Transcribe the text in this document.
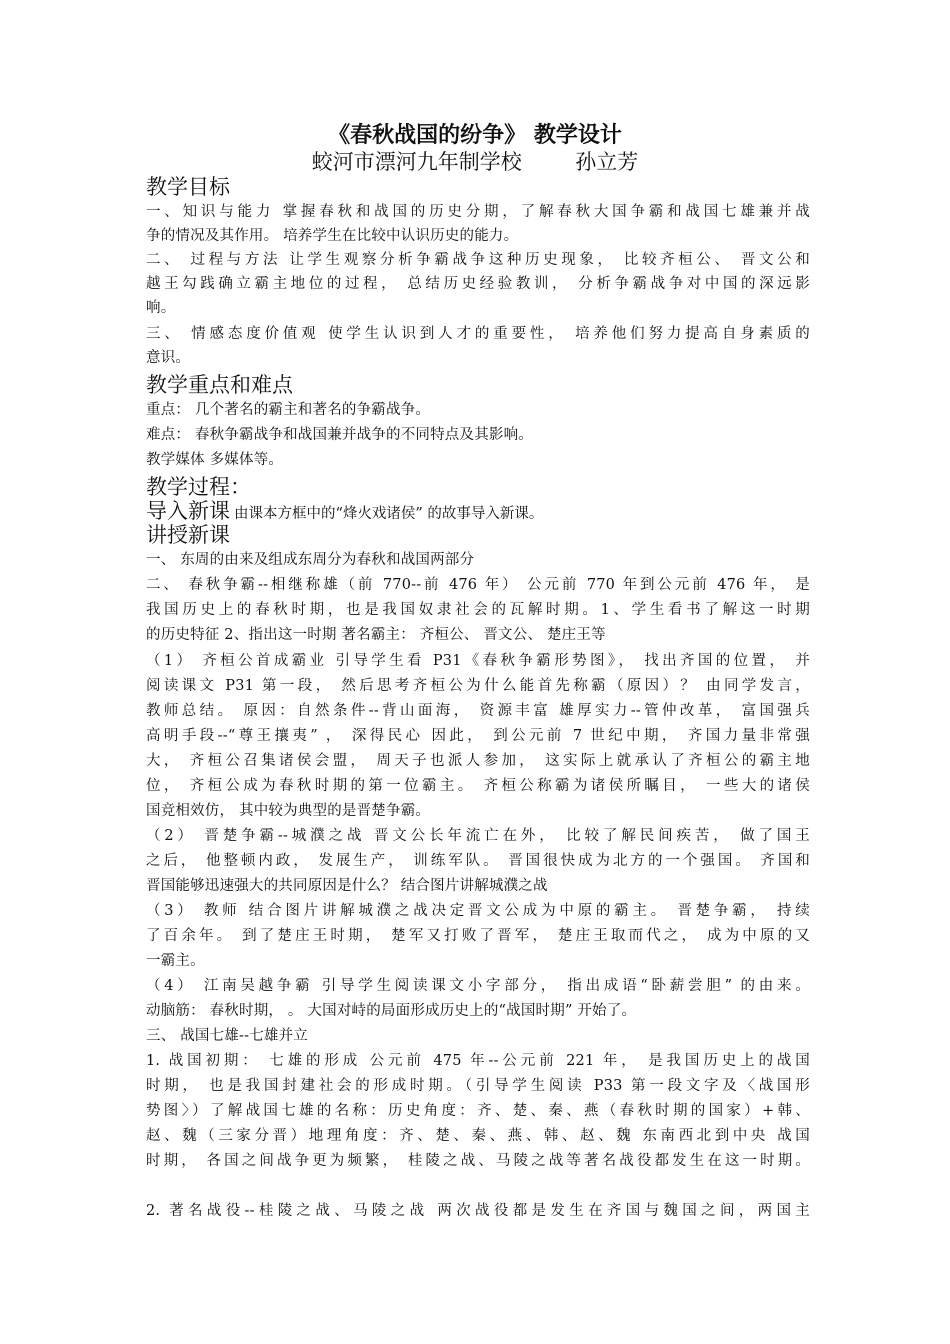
《春秋战国的纷争》 教学设计
蛟河市漂河九年制学校        孙立芳
教学目标
一、知识与能力 掌握春秋和战国的历史分期，了解春秋大国争霸和战国七雄兼并战
争的情况及其作用。 培养学生在比较中认识历史的能力。
二、 过程与方法 让学生观察分析争霸战争这种历史现象， 比较齐桓公、 晋文公和
越王勾践确立霸主地位的过程， 总结历史经验教训， 分析争霸战争对中国的深远影
响。
三、 情感态度价值观 使学生认识到人才的重要性， 培养他们努力提高自身素质的
意识。
教学重点和难点
重点： 几个著名的霸主和著名的争霸战争。
难点： 春秋争霸战争和战国兼并战争的不同特点及其影响。
教学媒体 多媒体等。
教学过程：
导入新课 由课本方框中的“烽火戏诸侯” 的故事导入新课。
讲授新课
一、 东周的由来及组成东周分为春秋和战国两部分
二、 春秋争霸--相继称雄（前 770--前 476 年） 公元前 770 年到公元前 476 年， 是
我国历史上的春秋时期，也是我国奴隶社会的瓦解时期。1、学生看书了解这一时期
的历史特征 2、指出这一时期 著名霸主： 齐桓公、 晋文公、 楚庄王等
（1） 齐桓公首成霸业 引导学生看 P31《春秋争霸形势图》， 找出齐国的位置， 并
阅读课文 P31 第一段， 然后思考齐桓公为什么能首先称霸（原因）？ 由同学发言，
教师总结。 原因：自然条件--背山面海， 资源丰富 雄厚实力--管仲改革， 富国强兵
高明手段--“尊王攘夷” ， 深得民心 因此， 到公元前 7 世纪中期， 齐国力量非常强
大， 齐桓公召集诸侯会盟， 周天子也派人参加， 这实际上就承认了齐桓公的霸主地
位， 齐桓公成为春秋时期的第一位霸主。 齐桓公称霸为诸侯所瞩目， 一些大的诸侯
国竞相效仿， 其中较为典型的是晋楚争霸。
（2） 晋楚争霸--城濮之战 晋文公长年流亡在外， 比较了解民间疾苦， 做了国王
之后， 他整顿内政， 发展生产， 训练军队。 晋国很快成为北方的一个强国。 齐国和
晋国能够迅速强大的共同原因是什么？ 结合图片讲解城濮之战
（3） 教师 结合图片讲解城濮之战决定晋文公成为中原的霸主。 晋楚争霸， 持续
了百余年。 到了楚庄王时期， 楚军又打败了晋军， 楚庄王取而代之， 成为中原的又
一霸主。
（4） 江南吴越争霸 引导学生阅读课文小字部分， 指出成语“卧薪尝胆” 的由来。
动脑筋： 春秋时期， 。 大国对峙的局面形成历史上的“战国时期” 开始了。
三、 战国七雄--七雄并立
1. 战国初期： 七雄的形成 公元前 475 年--公元前 221 年， 是我国历史上的战国
时期， 也是我国封建社会的形成时期。（引导学生阅读 P33 第一段文字及〈战国形
势图〉）了解战国七雄的名称：历史角度：齐、楚、秦、燕（春秋时期的国家）+韩、
赵、魏（三家分晋）地理角度：齐、楚、秦、燕、韩、赵、魏 东南西北到中央 战国
时期， 各国之间战争更为频繁， 桂陵之战、马陵之战等著名战役都发生在这一时期。
2. 著名战役--桂陵之战、马陵之战 两次战役都是发生在齐国与魏国之间，两国主
